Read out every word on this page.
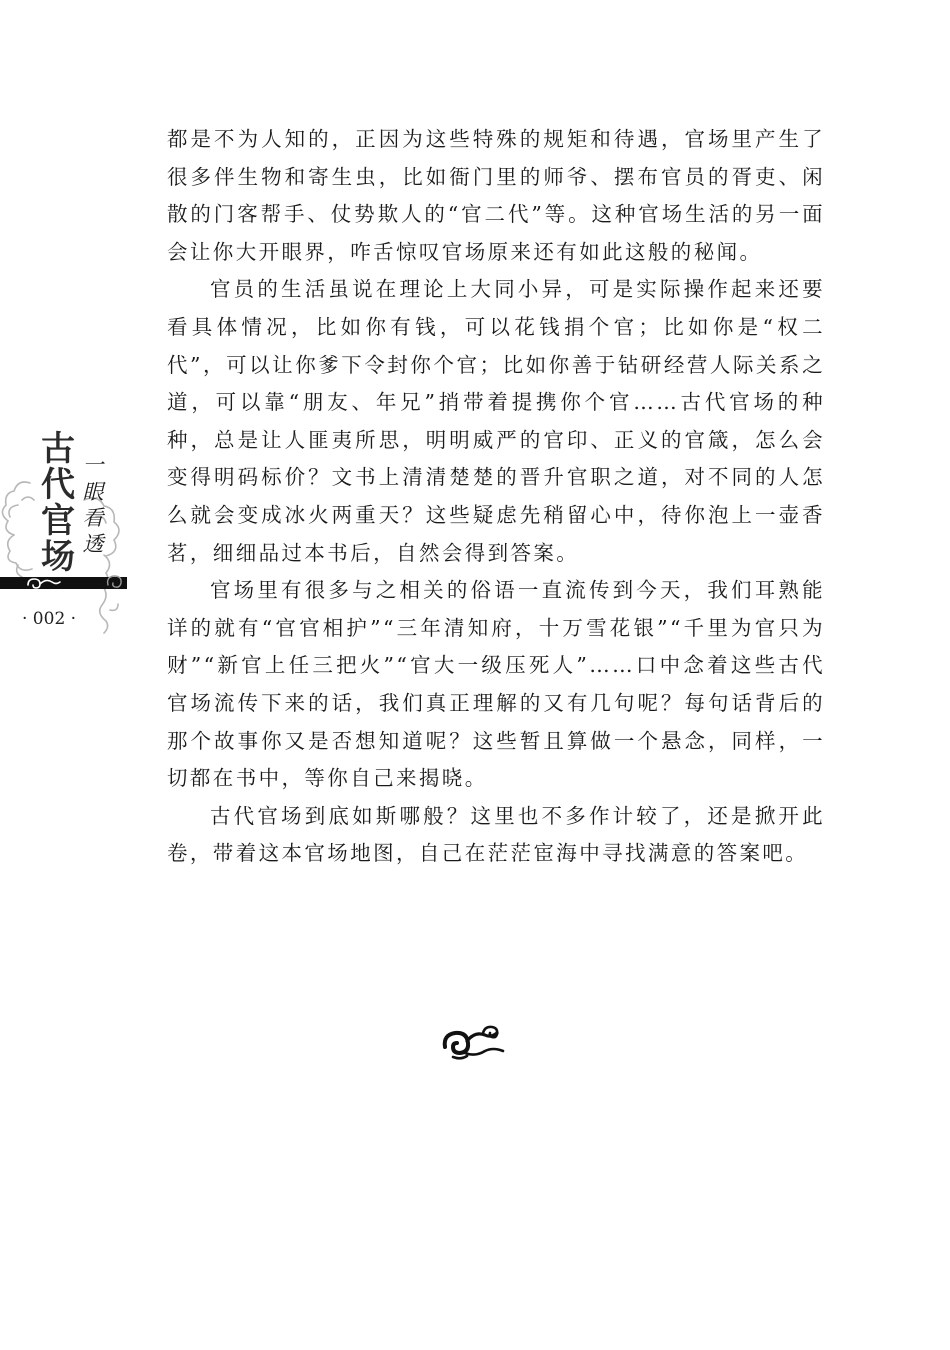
古
代
官
场
一
眼
看
透
· 002 ·

都是不为人知的，正因为这些特殊的规矩和待遇，官场里产生了很多伴生物和寄生虫，比如衙门里的师爷、摆布官员的胥吏、闲散的门客帮手、仗势欺人的“官二代”等。这种官场生活的另一面会让你大开眼界，咋舌惊叹官场原来还有如此这般的秘闻。

官员的生活虽说在理论上大同小异，可是实际操作起来还要看具体情况，比如你有钱，可以花钱捐个官；比如你是“权二代”，可以让你爹下令封你个官；比如你善于钻研经营人际关系之道，可以靠“朋友、年兄”捎带着提携你个官……古代官场的种种，总是让人匪夷所思，明明威严的官印、正义的官箴，怎么会变得明码标价？文书上清清楚楚的晋升官职之道，对不同的人怎么就会变成冰火两重天？这些疑虑先稍留心中，待你泡上一壶香茗，细细品过本书后，自然会得到答案。

官场里有很多与之相关的俗语一直流传到今天，我们耳熟能详的就有“官官相护”“三年清知府，十万雪花银”“千里为官只为财”“新官上任三把火”“官大一级压死人”……口中念着这些古代官场流传下来的话，我们真正理解的又有几句呢？每句话背后的那个故事你又是否想知道呢？这些暂且算做一个悬念，同样，一切都在书中，等你自己来揭晓。

古代官场到底如斯哪般？这里也不多作计较了，还是掀开此卷，带着这本官场地图，自己在茫茫宦海中寻找满意的答案吧。
